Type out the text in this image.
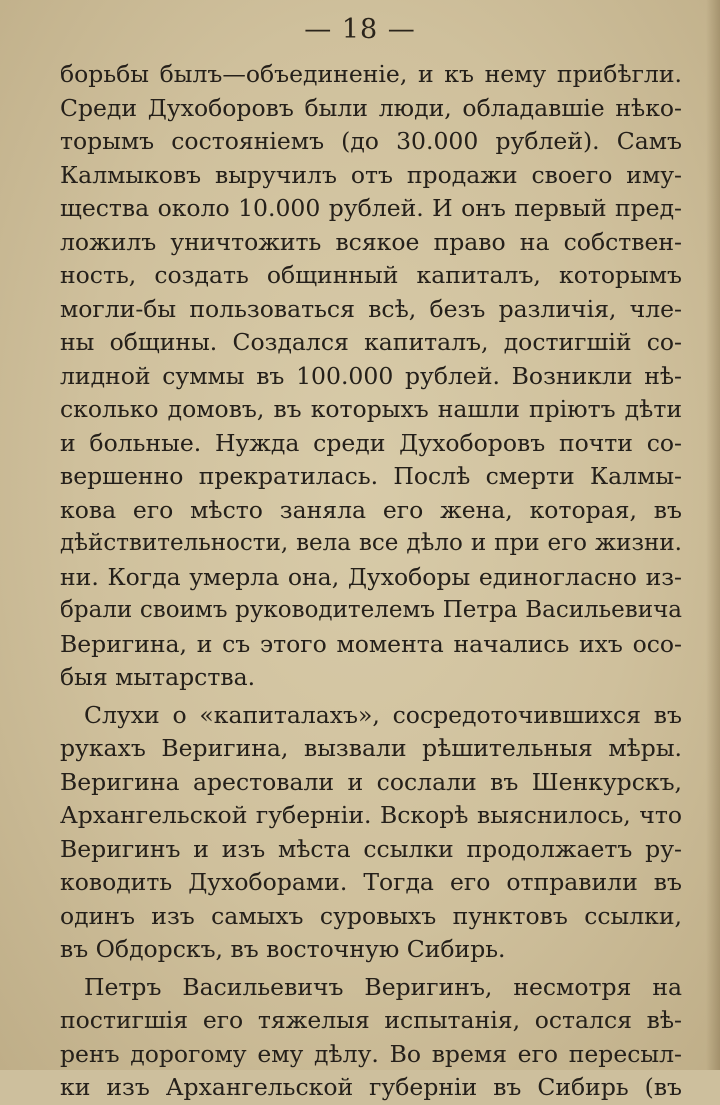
— 18 —
борьбы былъ—объединеніе, и къ нему прибѣгли.
Среди Духоборовъ были люди, обладавшіе нѣко-
торымъ состояніемъ (до 30.000 рублей). Самъ
Калмыковъ выручилъ отъ продажи своего иму-
щества около 10.000 рублей. И онъ первый пред-
ложилъ уничтожить всякое право на собствен-
ность, создать общинный капиталъ, которымъ
могли-бы пользоваться всѣ, безъ различія, чле-
ны общины. Создался капиталъ, достигшій со-
лидной суммы въ 100.000 рублей. Возникли нѣ-
сколько домовъ, въ которыхъ нашли пріютъ дѣти
и больные. Нужда среди Духоборовъ почти со-
вершенно прекратилась. Послѣ смерти Калмы-
кова его мѣсто заняла его жена, которая, въ
дѣйствительности, вела все дѣло и при его жизни.
ни. Когда умерла она, Духоборы единогласно из-
брали своимъ руководителемъ Петра Васильевича
Веригина, и съ этого момента начались ихъ осо-
быя мытарства.
Слухи о «капиталахъ», сосредоточившихся въ
рукахъ Веригина, вызвали рѣшительныя мѣры.
Веригина арестовали и сослали въ Шенкурскъ,
Архангельской губерніи. Вскорѣ выяснилось, что
Веригинъ и изъ мѣста ссылки продолжаетъ ру-
ководить Духоборами. Тогда его отправили въ
одинъ изъ самыхъ суровыхъ пунктовъ ссылки,
въ Обдорскъ, въ восточную Сибирь.
Петръ Васильевичъ Веригинъ, несмотря на
постигшія его тяжелыя испытанія, остался вѣ-
ренъ дорогому ему дѣлу. Во время его пересыл-
ки изъ Архангельской губерніи въ Сибирь (въ
